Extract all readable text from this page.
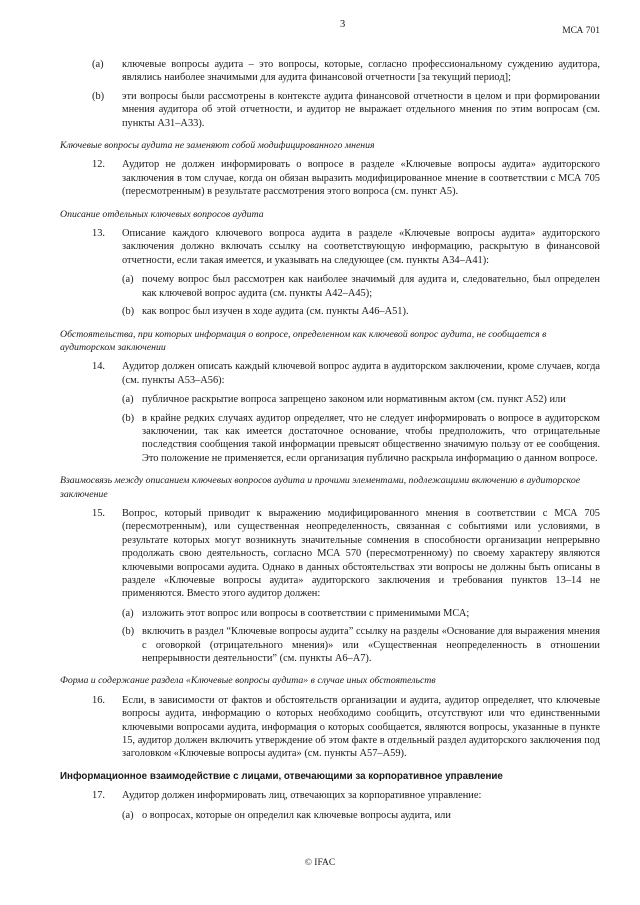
3
МСА 701
(a) ключевые вопросы аудита – это вопросы, которые, согласно профессиональному суждению аудитора, являлись наиболее значимыми для аудита финансовой отчетности [за текущий период];
(b) эти вопросы были рассмотрены в контексте аудита финансовой отчетности в целом и при формировании мнения аудитора об этой отчетности, и аудитор не выражает отдельного мнения по этим вопросам (см. пункты А31–А33).
Ключевые вопросы аудита не заменяют собой модифицированного мнения
12. Аудитор не должен информировать о вопросе в разделе «Ключевые вопросы аудита» аудиторского заключения в том случае, когда он обязан выразить модифицированное мнение в соответствии с МСА 705 (пересмотренным) в результате рассмотрения этого вопроса (см. пункт А5).
Описание отдельных ключевых вопросов аудита
13. Описание каждого ключевого вопроса аудита в разделе «Ключевые вопросы аудита» аудиторского заключения должно включать ссылку на соответствующую информацию, раскрытую в финансовой отчетности, если такая имеется, и указывать на следующее (см. пункты А34–А41):
(a) почему вопрос был рассмотрен как наиболее значимый для аудита и, следовательно, был определен как ключевой вопрос аудита (см. пункты А42–А45);
(b) как вопрос был изучен в ходе аудита (см. пункты А46–А51).
Обстоятельства, при которых информация о вопросе, определенном как ключевой вопрос аудита, не сообщается в аудиторском заключении
14. Аудитор должен описать каждый ключевой вопрос аудита в аудиторском заключении, кроме случаев, когда (см. пункты А53–А56):
(a) публичное раскрытие вопроса запрещено законом или нормативным актом (см. пункт А52) или
(b) в крайне редких случаях аудитор определяет, что не следует информировать о вопросе в аудиторском заключении, так как имеется достаточное основание, чтобы предположить, что отрицательные последствия сообщения такой информации превысят общественно значимую пользу от ее сообщения. Это положение не применяется, если организация публично раскрыла информацию о данном вопросе.
Взаимосвязь между описанием ключевых вопросов аудита и прочими элементами, подлежащими включению в аудиторское заключение
15. Вопрос, который приводит к выражению модифицированного мнения в соответствии с МСА 705 (пересмотренным), или существенная неопределенность, связанная с событиями или условиями, в результате которых могут возникнуть значительные сомнения в способности организации непрерывно продолжать свою деятельность, согласно МСА 570 (пересмотренному) по своему характеру являются ключевыми вопросами аудита. Однако в данных обстоятельствах эти вопросы не должны быть описаны в разделе «Ключевые вопросы аудита» аудиторского заключения и требования пунктов 13–14 не применяются. Вместо этого аудитор должен:
(a) изложить этот вопрос или вопросы в соответствии с применимыми МСА;
(b) включить в раздел “Ключевые вопросы аудита” ссылку на разделы «Основание для выражения мнения с оговоркой (отрицательного мнения)» или «Существенная неопределенность в отношении непрерывности деятельности” (см. пункты А6–А7).
Форма и содержание раздела «Ключевые вопросы аудита» в случае иных обстоятельств
16. Если, в зависимости от фактов и обстоятельств организации и аудита, аудитор определяет, что ключевые вопросы аудита, информацию о которых необходимо сообщить, отсутствуют или что единственными ключевыми вопросами аудита, информация о которых сообщается, являются вопросы, указанные в пункте 15, аудитор должен включить утверждение об этом факте в отдельный раздел аудиторского заключения под заголовком «Ключевые вопросы аудита» (см. пункты А57–А59).
Информационное взаимодействие с лицами, отвечающими за корпоративное управление
17. Аудитор должен информировать лиц, отвечающих за корпоративное управление:
(a) о вопросах, которые он определил как ключевые вопросы аудита, или
© IFAC
